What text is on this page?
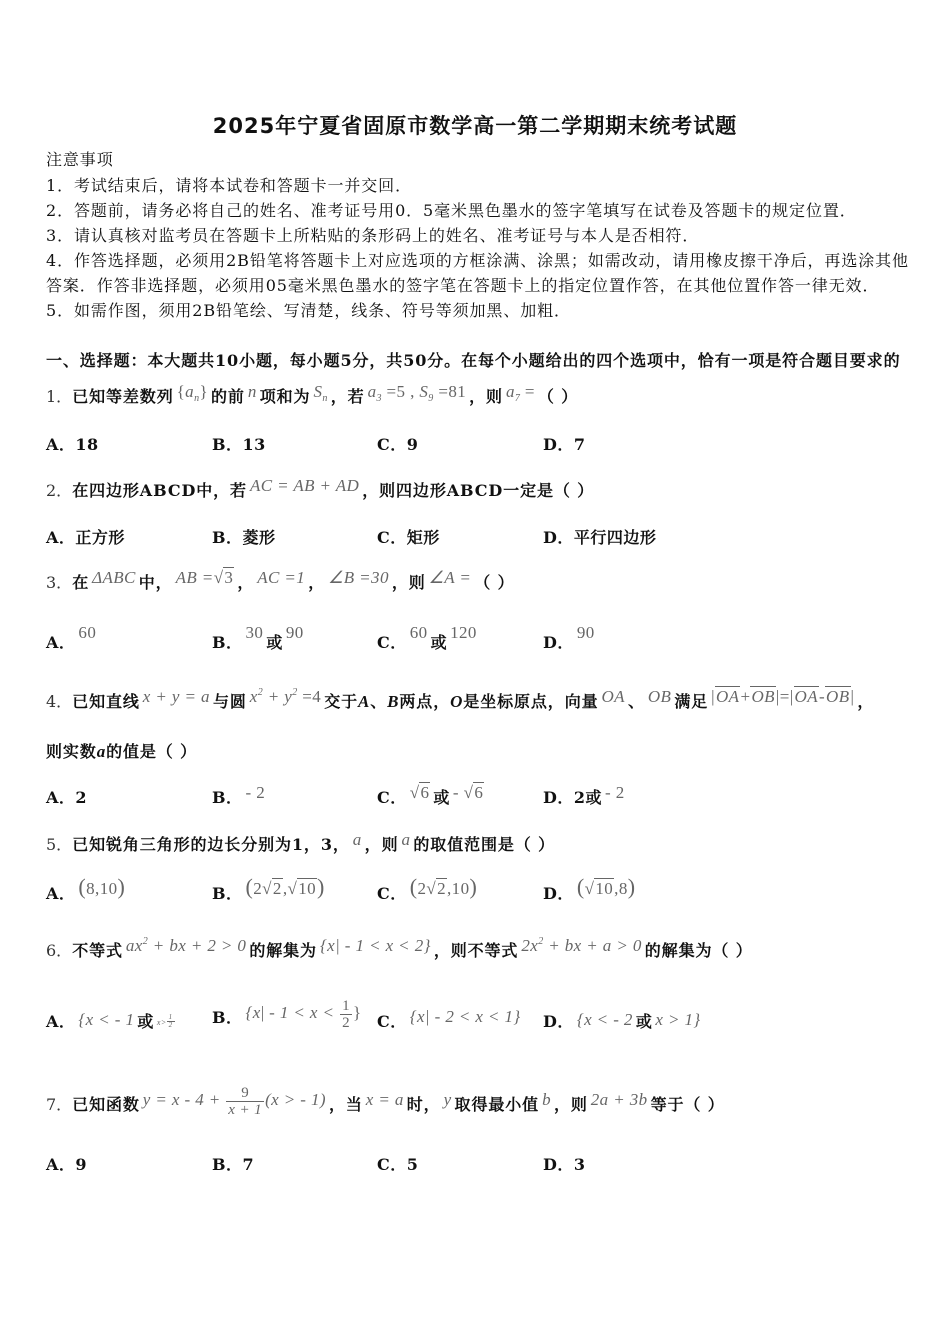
2025年宁夏省固原市数学高一第二学期期末统考试题
注意事项
1．考试结束后，请将本试卷和答题卡一并交回．
2．答题前，请务必将自己的姓名、准考证号用0．5毫米黑色墨水的签字笔填写在试卷及答题卡的规定位置．
3．请认真核对监考员在答题卡上所粘贴的条形码上的姓名、准考证号与本人是否相符．
4．作答选择题，必须用2B铅笔将答题卡上对应选项的方框涂满、涂黑；如需改动，请用橡皮擦干净后，再选涂其他
答案．作答非选择题，必须用05毫米黑色墨水的签字笔在答题卡上的指定位置作答，在其他位置作答一律无效．
5．如需作图，须用2B铅笔绘、写清楚，线条、符号等须加黑、加粗．
一、选择题：本大题共10小题，每小题5分，共50分。在每个小题给出的四个选项中，恰有一项是符合题目要求的
1．已知等差数列 $\{a_n\}$ 的前 n 项和为 $S_n$ ，若 $a_3 =5$ , $S_9 =81$ ，则 $a_7$ = （ ）
A．18	B．13	C．9	D．7
2．在四边形ABCD中，若 AC = AB + AD ，则四边形ABCD一定是（ ）
A．正方形	B．菱形	C．矩形	D．平行四边形
3．在 ΔABC 中， AB =√3 ， AC =1 ， ∠B =30 ，则 ∠A = （ ）
A．60
B．30或90
C．60或120
D．90
4．已知直线 x + y = a 与圆 $x^2 + y^2 =4$ 交于A、B两点，O是坐标原点，向量 OA 、 OB 满足 |OA+OB|=|OA-OB| ，
则实数a的值是（ ）
A．2	B． - 2	C． √6 或 - √6	D．2或 - 2
5．已知锐角三角形的边长分别为1，3， a ，则 a 的取值范围是（ ）
A． (8,10)	B． (2√2,√10)	C． (2√2,10)	D． (√10,8)
6．不等式 $ax^2$ + bx + 2 > 0 的解集为 {x| - 1 < x < 2} ，则不等式 $2x^2$ + bx + a > 0 的解集为（ ）
A． {x < - 1 或 $x> \frac{1}{2}$ B． {$x| - 1 < x < \frac{1}{2}$ } C． {x| - 2 < x < 1} D． {x < - 2 或 x > 1}
7．已知函数 $y = x - 4 + \frac{9}{x + 1} (x$ > - 1) ，当 x = a 时， y 取得最小值 b ，则 2a + 3b 等于（ ）
A．9	B．7	C．5	D．3
